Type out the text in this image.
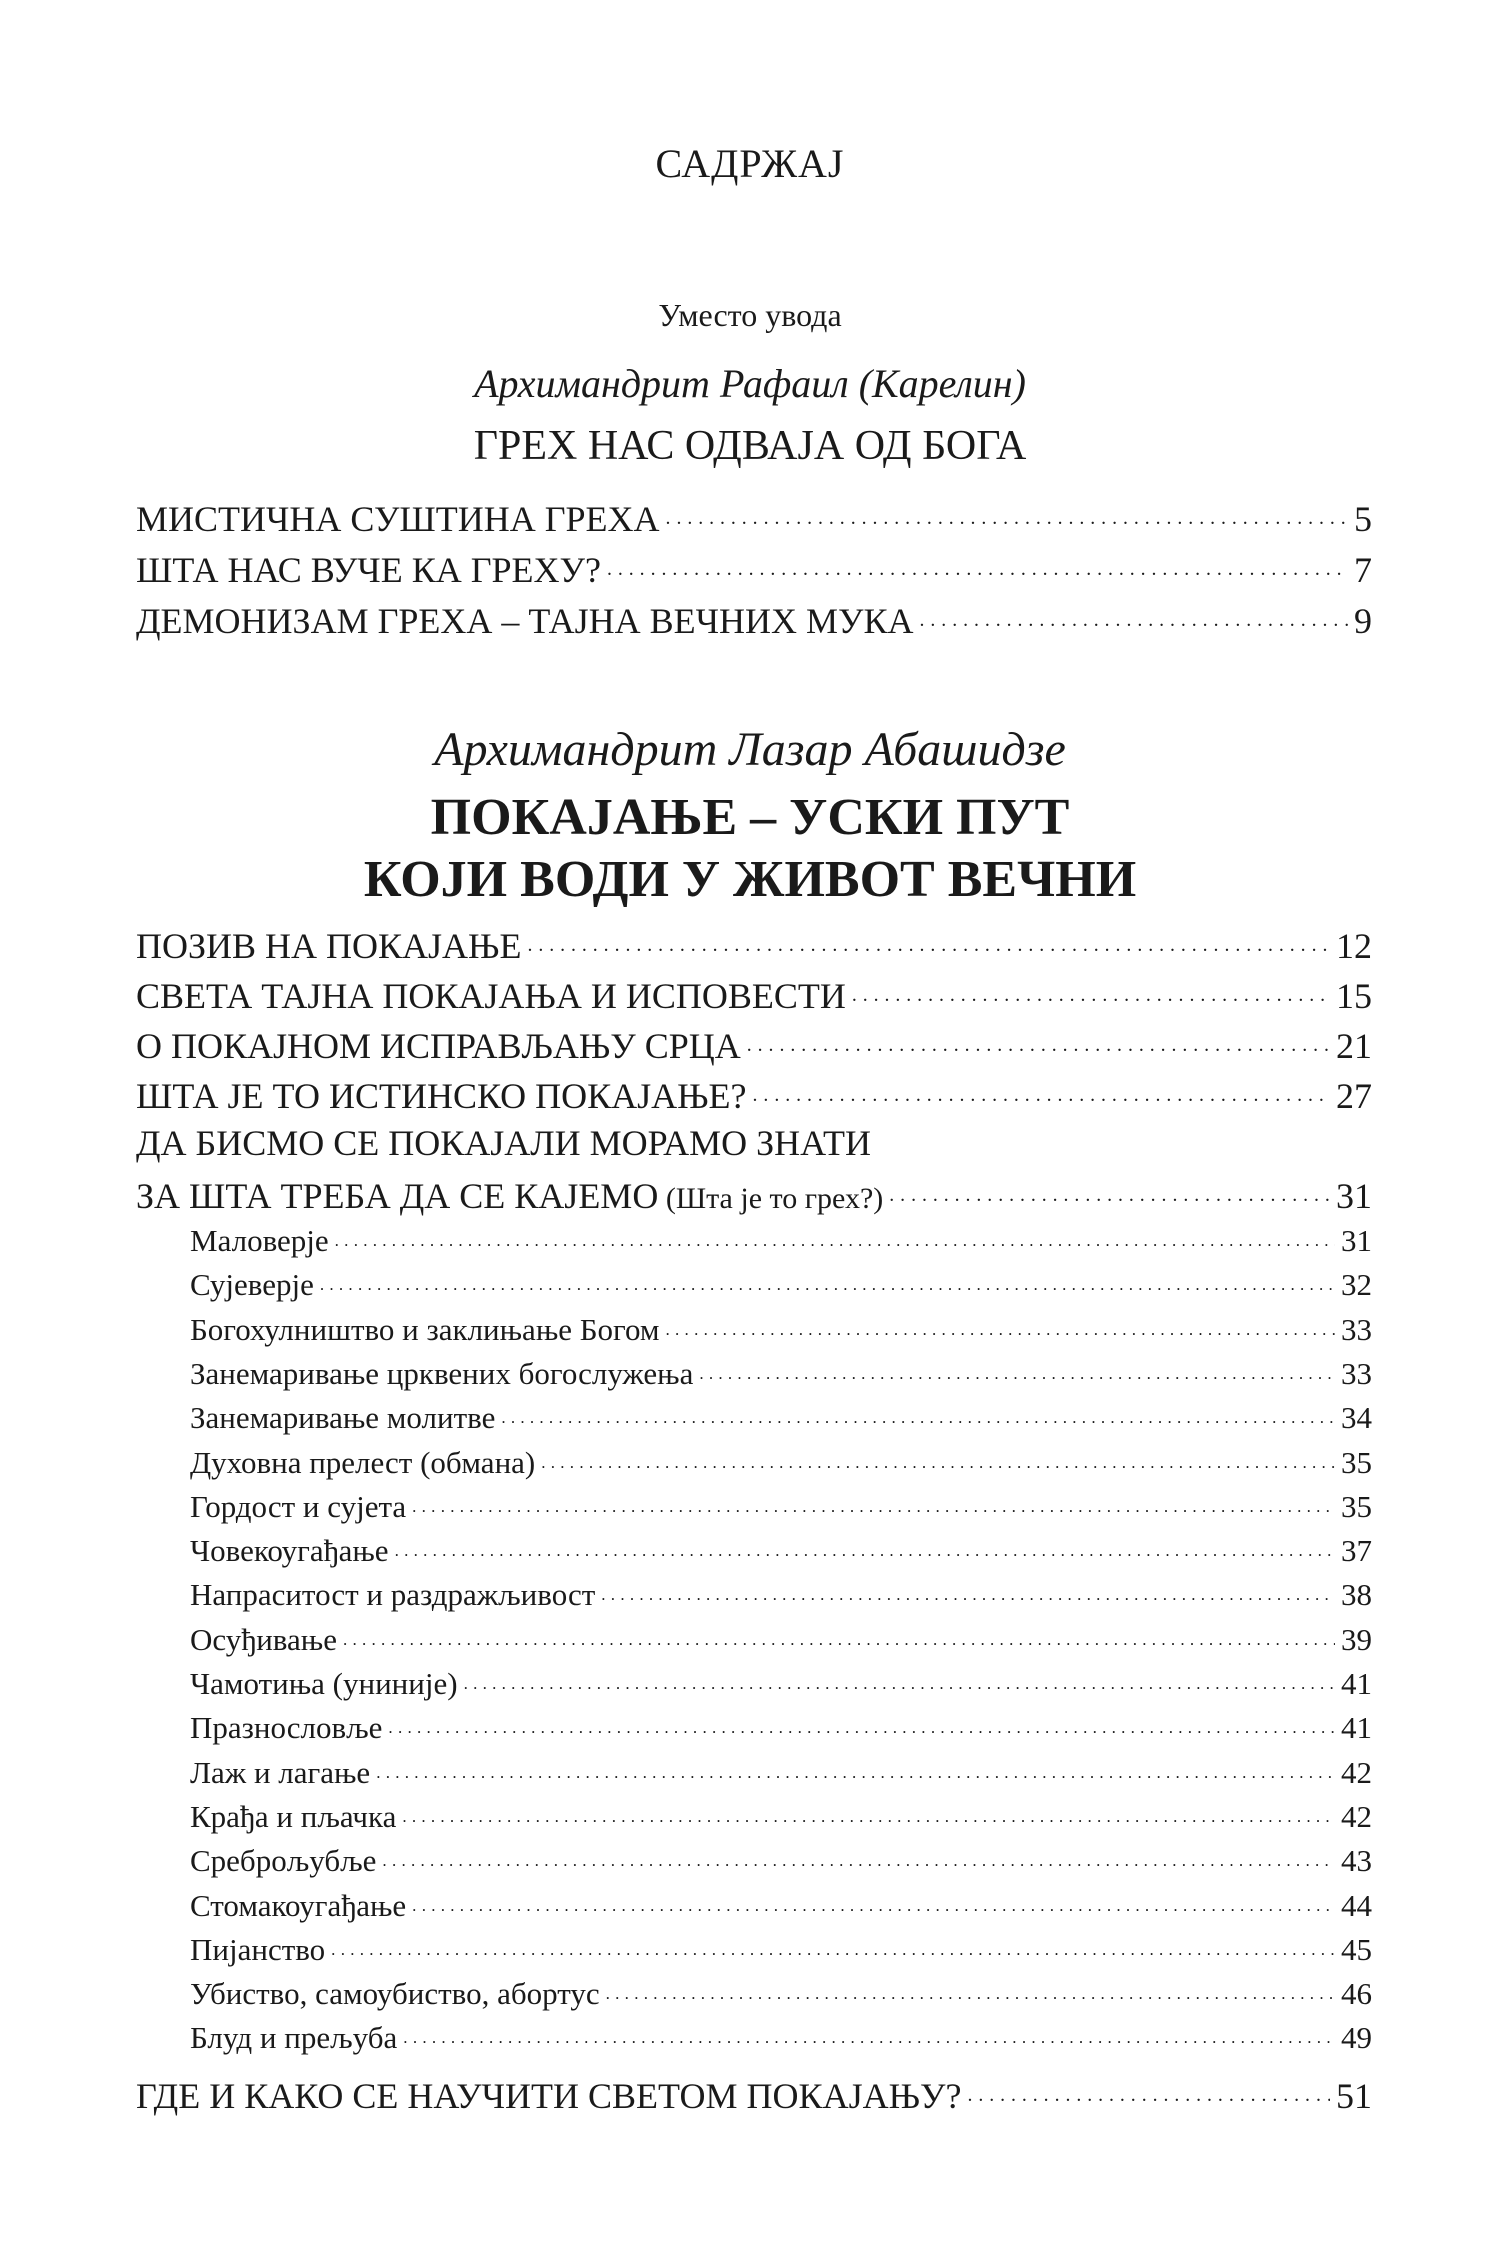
САДРЖАЈ
Уместо увода
Архимандрит Рафаил (Карелин)
ГРЕХ НАС ОДВАЈА ОД БОГА
МИСТИЧНА СУШТИНА ГРЕХА . . .	5
ШТА НАС ВУЧЕ КА ГРЕХУ? . . .	7
ДЕМОНИЗАМ ГРЕХА – ТАЈНА ВЕЧНИХ МУКА . . .	9
Архимандрит Лазар Абашидзе
ПОКАЈАЊЕ – УСКИ ПУТ
КОЈИ ВОДИ У ЖИВОТ ВЕЧНИ
ПОЗИВ НА ПОКАЈАЊЕ . . .	12
СВЕТА ТАЈНА ПОКАЈАЊА И ИСПОВЕСТИ . . .	15
О ПОКАЈНОМ ИСПРАВЉАЊУ СРЦА . . .	21
ШТА ЈЕ ТО ИСТИНСКО ПОКАЈАЊЕ? . . .	27
ДА БИСМО СЕ ПОКАЈАЛИ МОРАМО ЗНАТИ
ЗА ШТА ТРЕБА ДА СЕ КАЈЕМО (Шта је то грех?) . . .	31
Маловерје . . .	31
Сујеверје . . .	32
Богохулништво и заклињање Богом . . .	33
Занемаривање црквених богослужења . . .	33
Занемаривање молитве . . .	34
Духовна прелест (обмана) . . .	35
Гордост и сујета . . .	35
Човекоугађање . . .	37
Напраситост и раздражљивост . . .	38
Осуђивање . . .	39
Чамотиња (униније) . . .	41
Празнословље . . .	41
Лаж и лагање . . .	42
Крађа и пљачка . . .	42
Среброљубље . . .	43
Стомакоугађање . . .	44
Пијанство . . .	45
Убиство, самоубиство, абортус . . .	46
Блуд и прељуба . . .	49
ГДЕ И КАКО СЕ НАУЧИТИ СВЕТОМ ПОКАЈАЊУ? . . .	51
